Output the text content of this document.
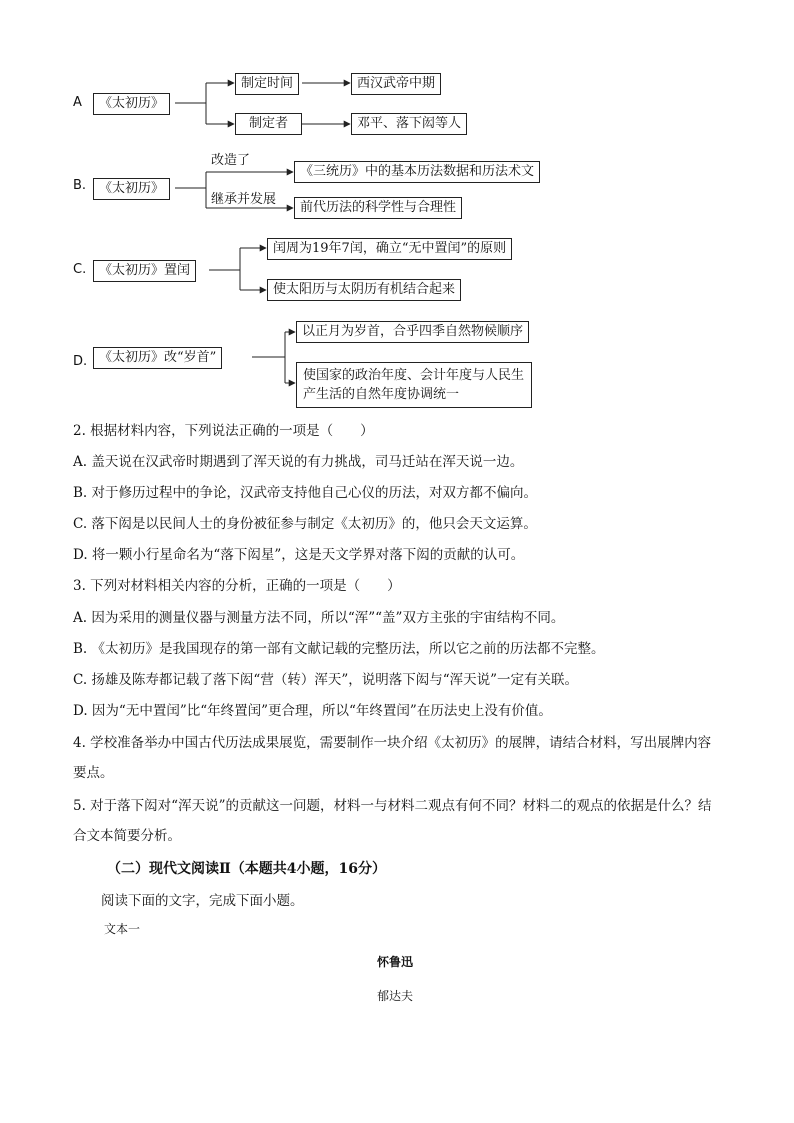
A	《太初历》
制定时间	西汉武帝中期
制定者	邓平、落下闳等人
B. 《太初历》
改造了
继承并发展
《三统历》中的基本历法数据和历法术文
前代历法的科学性与合理性
C. 《太初历》置闰
闰周为19年7闰，确立“无中置闰”的原则
使太阳历与太阴历有机结合起来
D. 《太初历》改“岁首”
以正月为岁首，合乎四季自然物候顺序
使国家的政治年度、会计年度与人民生产生活的自然年度协调统一
2. 根据材料内容，下列说法正确的一项是（　　）
A. 盖天说在汉武帝时期遇到了浑天说的有力挑战，司马迁站在浑天说一边。
B. 对于修历过程中的争论，汉武帝支持他自己心仪的历法，对双方都不偏向。
C. 落下闳是以民间人士的身份被征参与制定《太初历》的，他只会天文运算。
D. 将一颗小行星命名为“落下闳星”，这是天文学界对落下闳的贡献的认可。
3. 下列对材料相关内容的分析，正确的一项是（　　）
A. 因为采用的测量仪器与测量方法不同，所以“浑”“盖”双方主张的宇宙结构不同。
B. 《太初历》是我国现存的第一部有文献记载的完整历法，所以它之前的历法都不完整。
C. 扬雄及陈寿都记载了落下闳“营（转）浑天”，说明落下闳与“浑天说”一定有关联。
D. 因为“无中置闰”比“年终置闰”更合理，所以“年终置闰”在历法史上没有价值。
4. 学校准备举办中国古代历法成果展览，需要制作一块介绍《太初历》的展牌，请结合材料，写出展牌内容要点。
5. 对于落下闳对“浑天说”的贡献这一问题，材料一与材料二观点有何不同？材料二的观点的依据是什么？结合文本简要分析。
（二）现代文阅读Ⅱ（本题共4小题，16分）
阅读下面的文字，完成下面小题。
文本一
怀鲁迅
郁达夫
